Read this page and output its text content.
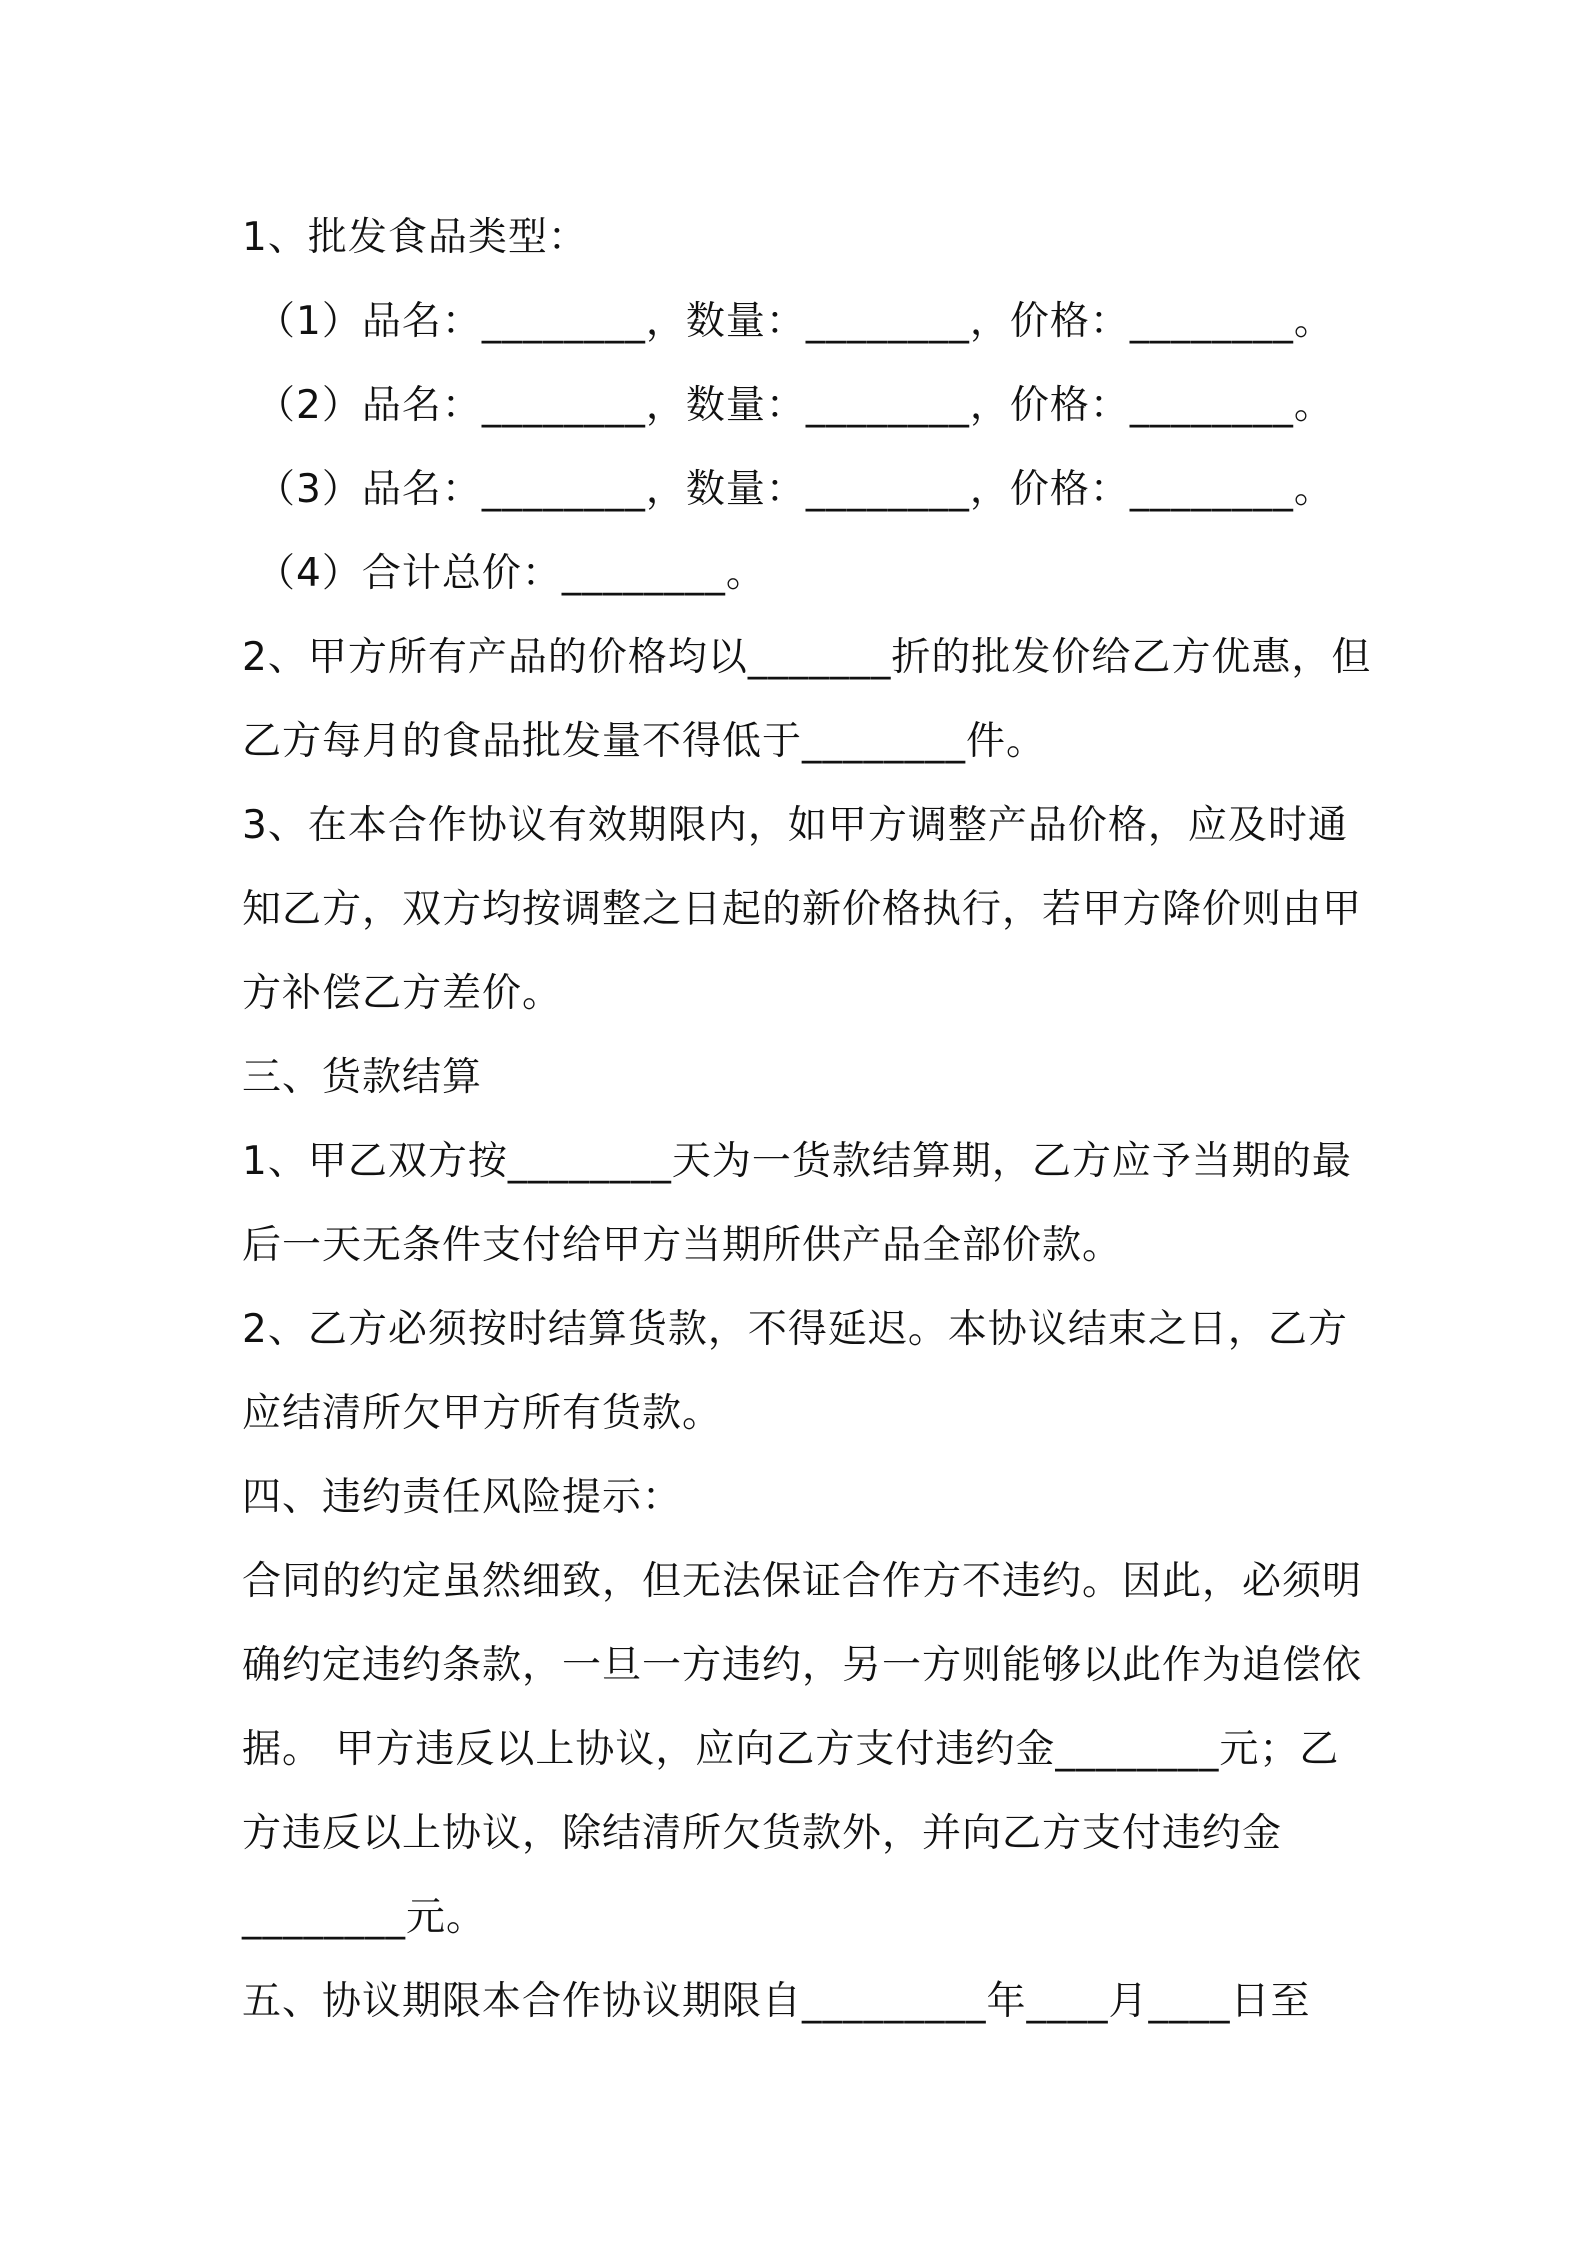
1、批发食品类型：
（1）品名：________，数量：________，价格：________。
（2）品名：________，数量：________，价格：________。
（3）品名：________，数量：________，价格：________。
（4）合计总价：________。
2、甲方所有产品的价格均以_______折的批发价给乙方优惠，但
乙方每月的食品批发量不得低于________件。
3、在本合作协议有效期限内，如甲方调整产品价格，应及时通
知乙方，双方均按调整之日起的新价格执行，若甲方降价则由甲
方补偿乙方差价。
三、货款结算
1、甲乙双方按________天为一货款结算期，乙方应予当期的最
后一天无条件支付给甲方当期所供产品全部价款。
2、乙方必须按时结算货款，不得延迟。本协议结束之日，乙方
应结清所欠甲方所有货款。
四、违约责任风险提示：
合同的约定虽然细致，但无法保证合作方不违约。因此，必须明
确约定违约条款，一旦一方违约，另一方则能够以此作为追偿依
据。 甲方违反以上协议，应向乙方支付违约金________元；乙
方违反以上协议，除结清所欠货款外，并向乙方支付违约金
________元。
五、协议期限本合作协议期限自_________年____月____日至
